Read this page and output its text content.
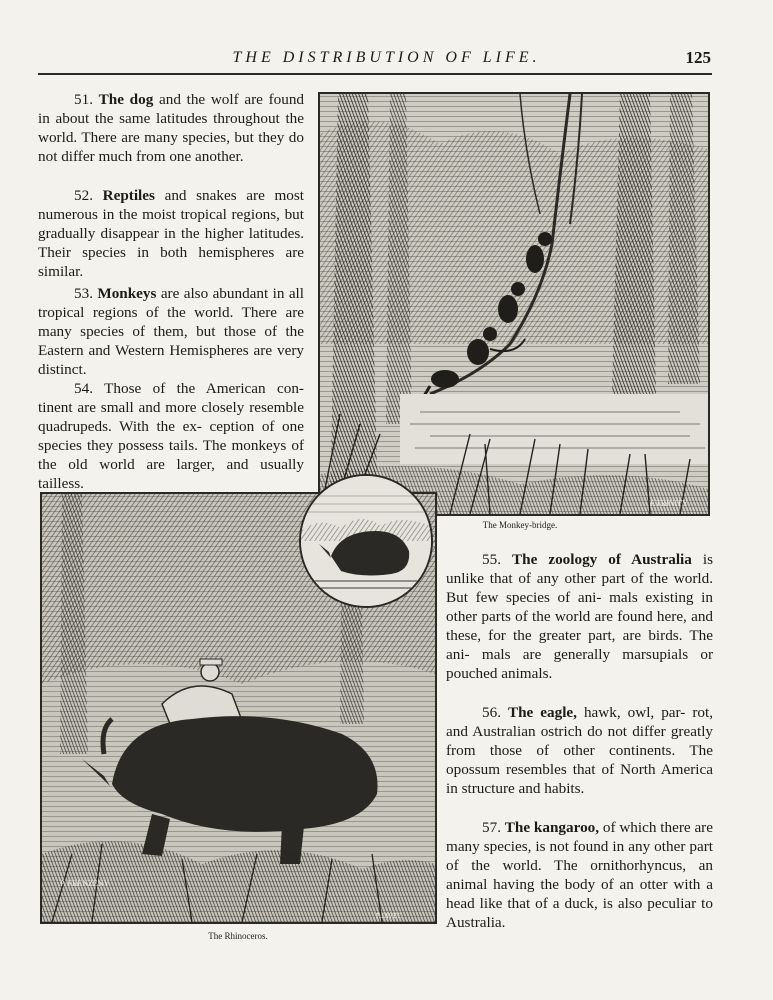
THE DISTRIBUTION OF LIFE.	125

51. The dog and the wolf are found in about the same latitudes throughout the world. There are many species, but they do not differ much from one another.

52. Reptiles and snakes are most numerous in the moist tropical regions, but gradually disappear in the higher latitudes. Their species in both hemispheres are similar.

53. Monkeys are also abundant in all tropical regions of the world. There are many species of them, but those of the Eastern and Western Hemispheres are very distinct.

54. Those of the American con- tinent are small and more closely resemble quadrupeds. With the ex- ception of one species they possess tails. The monkeys of the old world are larger, and usually tailless.

F.TRINITY
The Monkey-bridge.
P. FRENZENY
F.JAVEC
The Rhinoceros.

55. The zoology of Australia is unlike that of any other part of the world. But few species of ani- mals existing in other parts of the world are found here, and these, for the greater part, are birds. The ani- mals are generally marsupials or pouched animals.

56. The eagle, hawk, owl, par- rot, and Australian ostrich do not differ greatly from those of other continents. The opossum resembles that of North America in structure and habits.

57. The kangaroo, of which there are many species, is not found in any other part of the world. The ornithorhyncus, an animal having the body of an otter with a head like that of a duck, is also peculiar to Australia.
